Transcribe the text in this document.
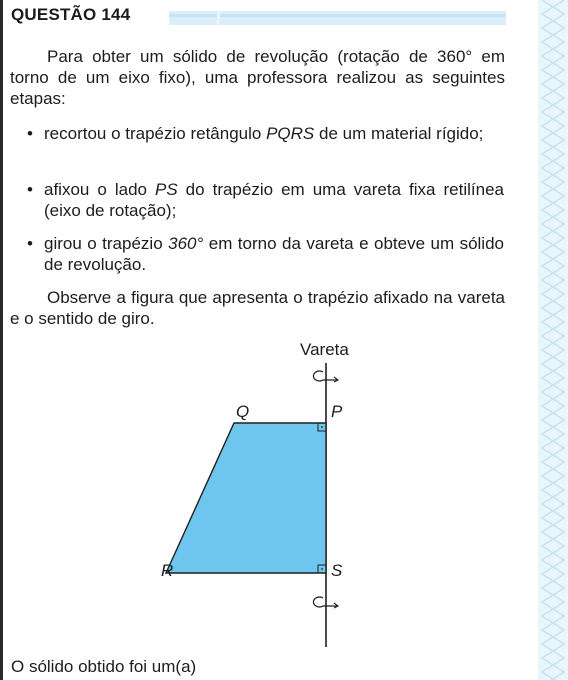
QUESTÃO 144
Para obter um sólido de revolução (rotação de 360° em torno de um eixo fixo), uma professora realizou as seguintes etapas:
• recortou o trapézio retângulo PQRS de um material rígido;
• afixou o lado PS do trapézio em uma vareta fixa retilínea (eixo de rotação);
• girou o trapézio 360° em torno da vareta e obteve um sólido de revolução.
Observe a figura que apresenta o trapézio afixado na vareta e o sentido de giro.
Vareta
Q	P
R	S
O sólido obtido foi um(a)
